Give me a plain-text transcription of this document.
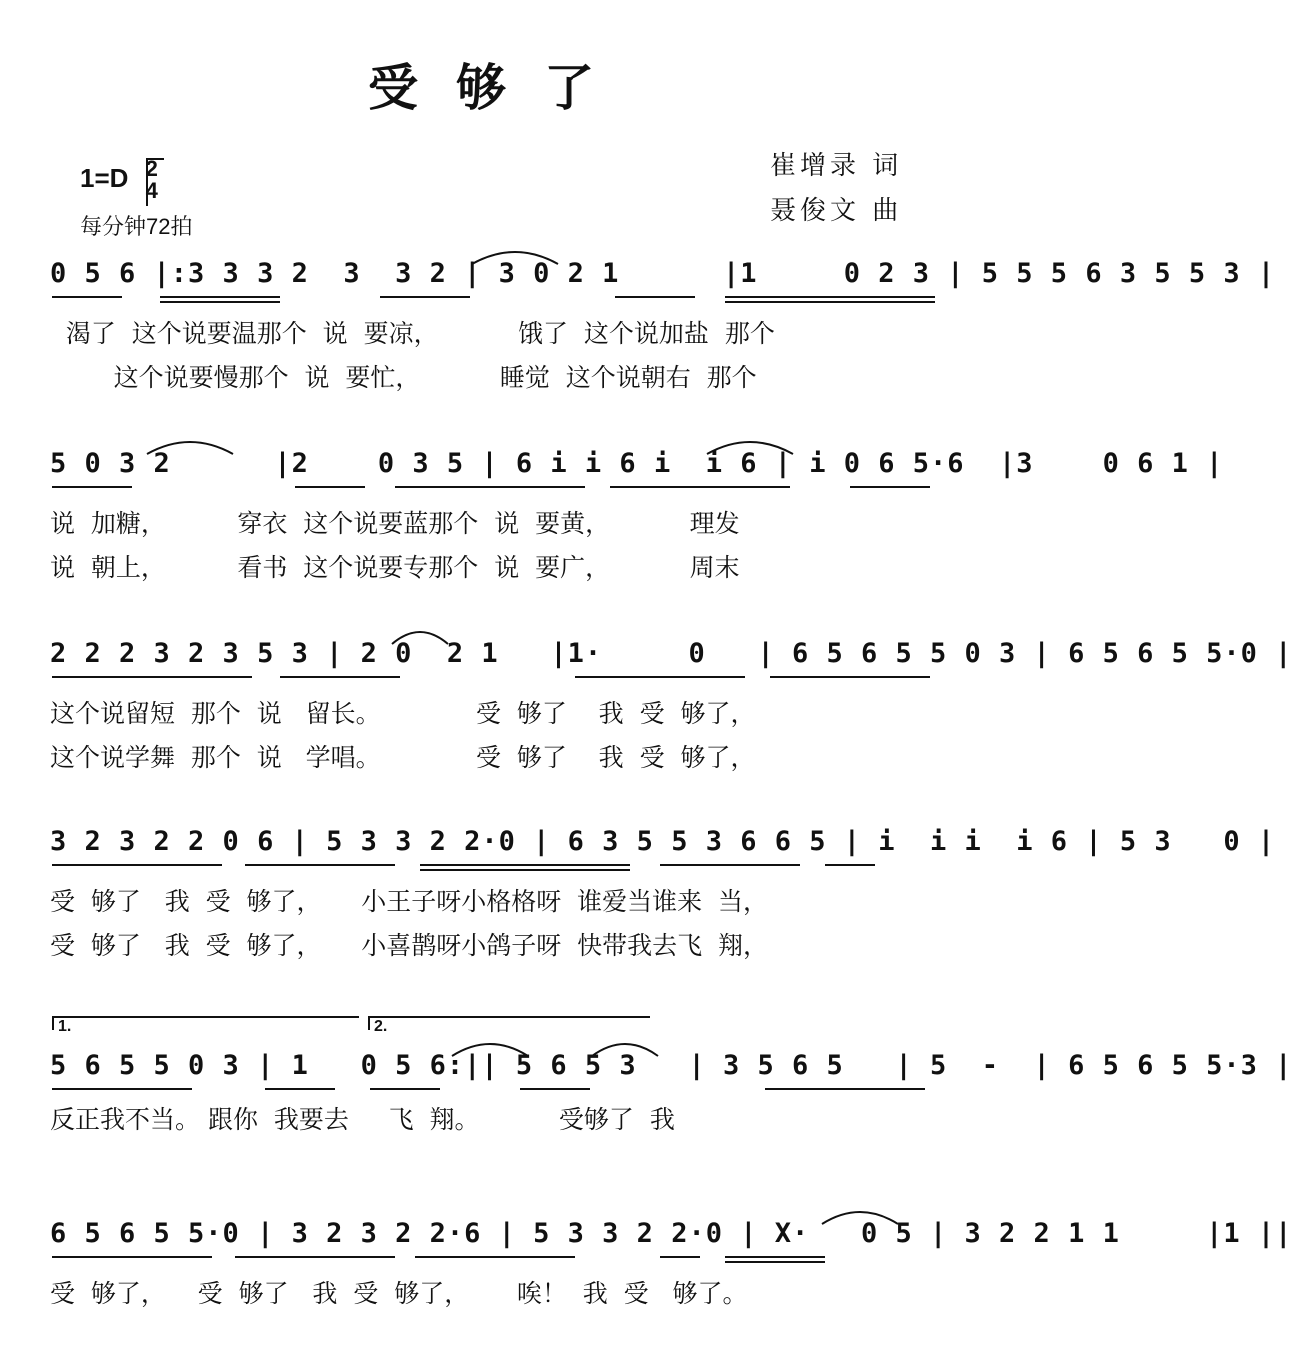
受够了
1=D 2
4
每分钟72拍
崔增录 词
聂俊文 曲
0 5 6 |:3 3 3 2  3  3 2 | 3 0 2 1      |1     0 2 3 | 5 5 5 6 3 5 5 3 |
渴了  这个说要温那个  说  要凉，          饿了  这个说加盐  那个
这个说要慢那个  说  要忙，          睡觉  这个说朝右  那个
5 0 3 2      |2    0 3 5 | 6 i i 6 i  i 6 | i 0 6 5·6  |3    0 6 1 |
说  加糖，         穿衣  这个说要蓝那个  说  要黄，          理发
说  朝上，         看书  这个说要专那个  说  要广，          周末
2 2 2 3 2 3 5 3 | 2 0  2 1   |1·     0   | 6 5 6 5 5 0 3 | 6 5 6 5 5·0 |
这个说留短  那个  说   留长。            受  够了    我  受  够了，
这个说学舞  那个  说   学唱。            受  够了    我  受  够了，
3 2 3 2 2 0 6 | 5 3 3 2 2·0 | 6 3 5 5 3 6 6 5 | i  i i  i 6 | 5 3   0 |
受  够了   我  受  够了，     小王子呀小格格呀  谁爱当谁来  当，
受  够了   我  受  够了，     小喜鹊呀小鸽子呀  快带我去飞  翔，
1.	2.
5 6 5 5 0 3 | 1   0 5 6:|| 5 6 5 3   | 3 5 6 5   | 5  -  | 6 5 6 5 5·3 |
反正我不当。 跟你  我要去     飞  翔。          受够了  我
6 5 6 5 5·0 | 3 2 3 2 2·6 | 5 3 3 2 2·0 | X·   0 5 | 3 2 2 1 1     |1 ||
受  够了，    受  够了   我  受  够了，      唉！  我  受   够了。
